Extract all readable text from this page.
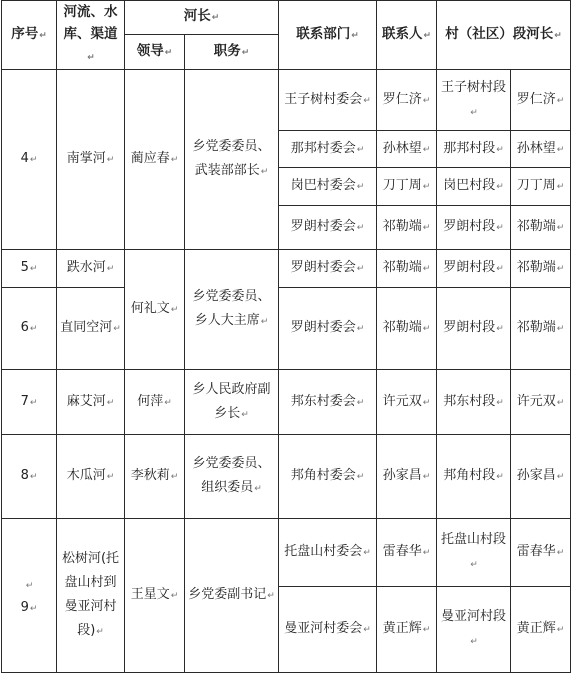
序号↵	河流、水库、渠道↵	河长↵		联系部门↵	联系人↵	村（社区）段河长↵	
		领导↵	职务↵				
4↵	南掌河↵	蔺应春↵	乡党委委员、武装部部长↵	王子树村委会↵	罗仁济↵	王子树村段↵	罗仁济↵
				那邦村委会↵	孙林望↵	那邦村段↵	孙林望↵
				岗巴村委会↵	刀丁周↵	岗巴村段↵	刀丁周↵
				罗朗村委会↵	祁勒端↵	罗朗村段↵	祁勒端↵
5↵	跌水河↵	何礼文↵	乡党委委员、乡人大主席↵	罗朗村委会↵	祁勒端↵	罗朗村段↵	祁勒端↵
6↵	直同空河↵			罗朗村委会↵	祁勒端↵	罗朗村段↵	祁勒端↵
7↵	麻艾河↵	何萍↵	乡人民政府副乡长↵	邦东村委会↵	许元双↵	邦东村段↵	许元双↵
8↵	木瓜河↵	李秋莉↵	乡党委委员、组织委员↵	邦角村委会↵	孙家昌↵	邦角村段↵	孙家昌↵

↵
9↵	松树河(托盘山村到曼亚河村段)↵	王星文↵	乡党委副书记↵	托盘山村委会↵	雷春华↵	托盘山村段↵	雷春华↵
				曼亚河村委会↵	黄正辉↵	曼亚河村段↵	黄正辉↵
